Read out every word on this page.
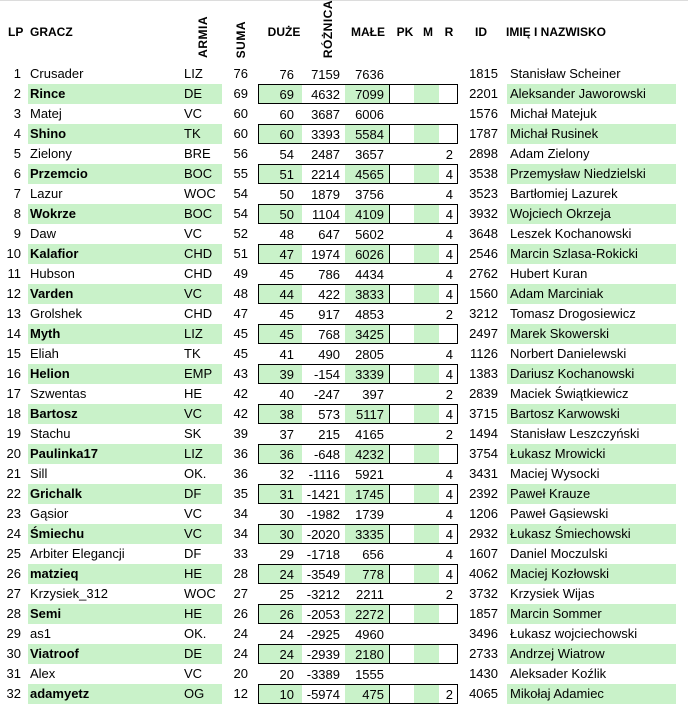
LP GRACZ	ARMIA SUMA	DUŻE	RÓŻNICA MAŁE PK M R	ID	IMIĘ I NAZWISKO
1 Crusader	LIZ	76	76	7159	7636	1815 Stanisław Scheiner
2 Rince	DE	69	69	4632	7099	2201 Aleksander Jaworowski
3 Matej	VC	60	60	3687	6006	1576 Michał Matejuk
4 Shino	TK	60	60	3393	5584	1787 Michał Rusinek
5 Zielony	BRE	56	54	2487	3657	2	2898 Adam Zielony
6 Przemcio	BOC	55	51	2214	4565	4	3538 Przemysław Niedzielski
7 Lazur	WOC	54	50	1879	3756	4	3523 Bartłomiej Lazurek
8 Wokrze	BOC	54	50	1104	4109	4	3932 Wojciech Okrzeja
9 Daw	VC	52	48	647	5602	4	3648 Leszek Kochanowski
10 Kalafior	CHD	51	47	1974	6026	4	2546 Marcin Szlasa-Rokicki
11 Hubson	CHD	49	45	786	4434	4	2762 Hubert Kuran
12 Varden	VC	48	44	422	3833	4	1560 Adam Marciniak
13 Grolshek	CHD	47	45	917	4853	2	3212 Tomasz Drogosiewicz
14 Myth	LIZ	45	45	768	3425	2497 Marek Skowerski
15 Eliah	TK	45	41	490	2805	4	1126 Norbert Danielewski
16 Helion	EMP	43	39	-154	3339	4	1383 Dariusz Kochanowski
17 Szwentas	HE	42	40	-247	397	2	2839 Maciek Świątkiewicz
18 Bartosz	VC	42	38	573	5117	4	3715 Bartosz Karwowski
19 Stachu	SK	39	37	215	4165	2	1494 Stanisław Leszczyński
20 Paulinka17	LIZ	36	36	-648	4232	3754 Łukasz Mrowicki
21 Sill	OK.	36	32	-1116	5921	4	3431 Maciej Wysocki
22 Grichalk	DF	35	31 -1421	1745	4	2392 Paweł Krauze
23 Gąsior	VC	34	30 -1982	1739	4	1206 Paweł Gąsiewski
24 Śmiechu	VC	34	30 -2020	3335	4	2932 Łukasz Śmiechowski
25 Arbiter Elegancji	DF	33	29 -1718	656	4	1607 Daniel Moczulski
26 matzieq	HE	28	24 -3549	778	4	4062 Maciej Kozłowski
27 Krzysiek_312	WOC	27	25 -3212	2211	2	3732 Krzysiek Wijas
28 Semi	HE	26	26 -2053	2272	1857 Marcin Sommer
29 as1	OK.	24	24 -2925	4960	3496 Łukasz wojciechowski
30 Viatroof	DE	24	24 -2939	2180	2733 Andrzej Wiatrow
31 Alex	VC	20	20 -3389	1555	1430 Aleksader Koźlik
32 adamyetz	OG	12	10 -5974	475	2	4065 Mikołaj Adamiec
